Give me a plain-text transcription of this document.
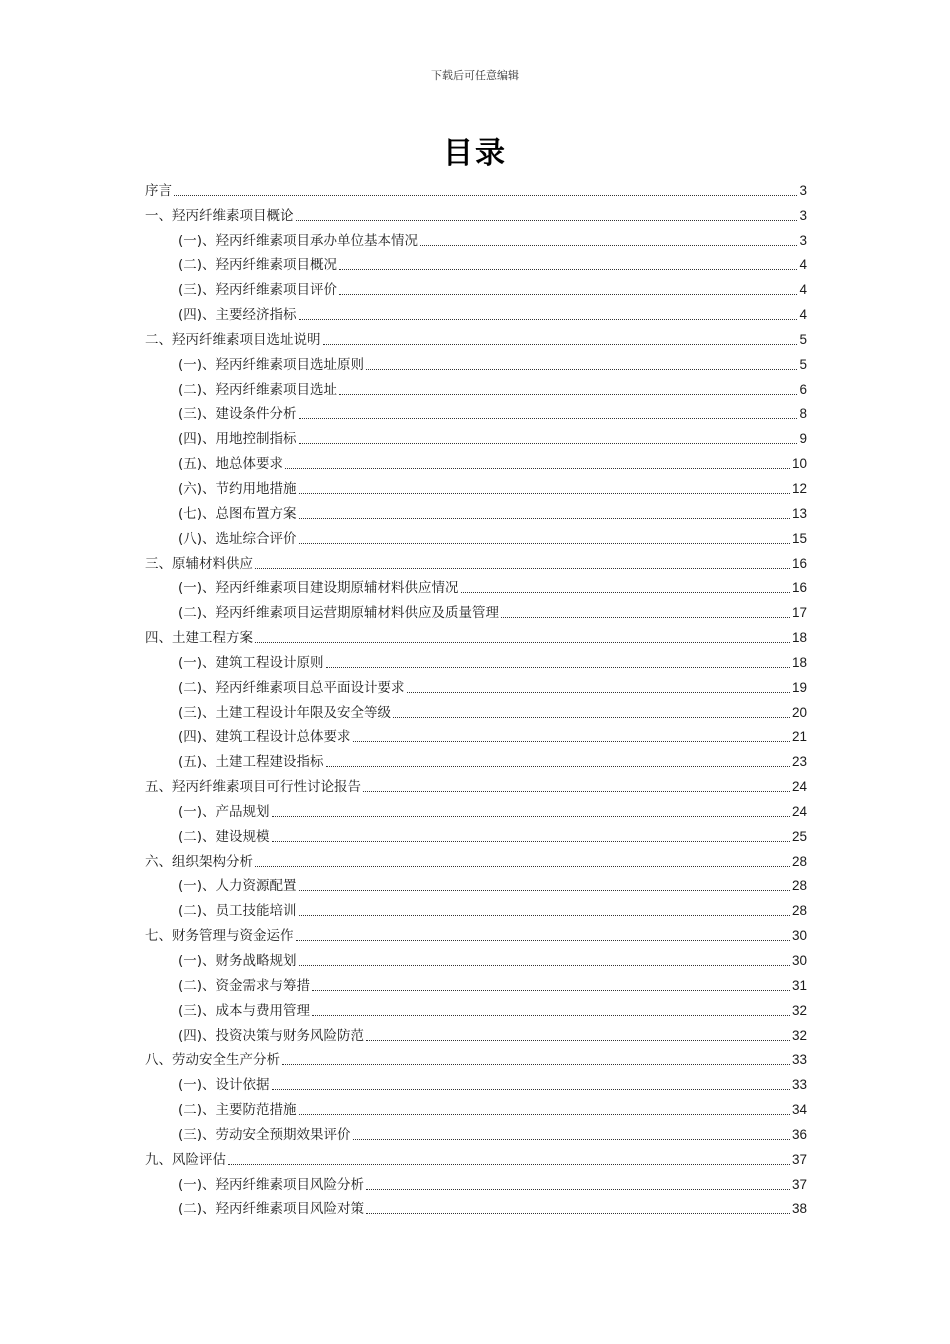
下载后可任意编辑
目录
序言	3
一、羟丙纤维素项目概论	3
(一)、羟丙纤维素项目承办单位基本情况	3
(二)、羟丙纤维素项目概况	4
(三)、羟丙纤维素项目评价	4
(四)、主要经济指标	4
二、羟丙纤维素项目选址说明	5
(一)、羟丙纤维素项目选址原则	5
(二)、羟丙纤维素项目选址	6
(三)、建设条件分析	8
(四)、用地控制指标	9
(五)、地总体要求	10
(六)、节约用地措施	12
(七)、总图布置方案	13
(八)、选址综合评价	15
三、原辅材料供应	16
(一)、羟丙纤维素项目建设期原辅材料供应情况	16
(二)、羟丙纤维素项目运营期原辅材料供应及质量管理	17
四、土建工程方案	18
(一)、建筑工程设计原则	18
(二)、羟丙纤维素项目总平面设计要求	19
(三)、土建工程设计年限及安全等级	20
(四)、建筑工程设计总体要求	21
(五)、土建工程建设指标	23
五、羟丙纤维素项目可行性讨论报告	24
(一)、产品规划	24
(二)、建设规模	25
六、组织架构分析	28
(一)、人力资源配置	28
(二)、员工技能培训	28
七、财务管理与资金运作	30
(一)、财务战略规划	30
(二)、资金需求与筹措	31
(三)、成本与费用管理	32
(四)、投资决策与财务风险防范	32
八、劳动安全生产分析	33
(一)、设计依据	33
(二)、主要防范措施	34
(三)、劳动安全预期效果评价	36
九、风险评估	37
(一)、羟丙纤维素项目风险分析	37
(二)、羟丙纤维素项目风险对策	38
